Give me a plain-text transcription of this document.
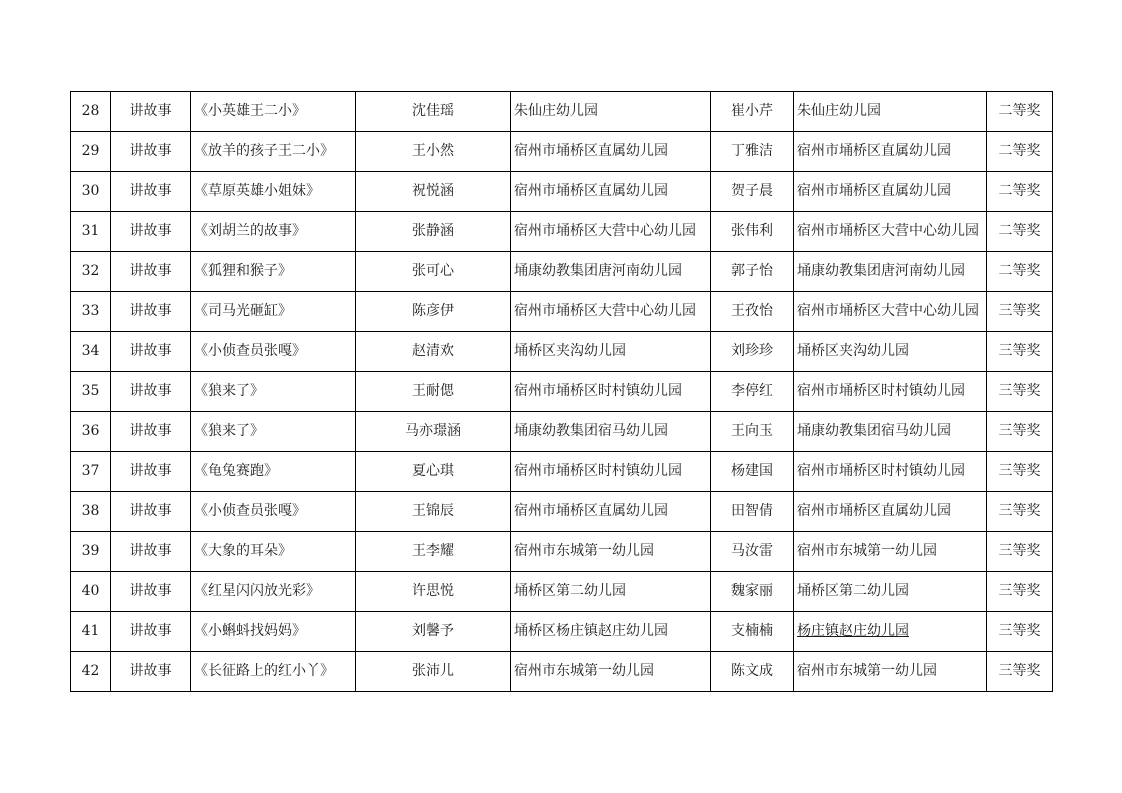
28	讲故事	《小英雄王二小》	沈佳瑶	朱仙庄幼儿园	崔小芹	朱仙庄幼儿园	二等奖
29	讲故事	《放羊的孩子王二小》	王小然	宿州市埇桥区直属幼儿园	丁雅洁	宿州市埇桥区直属幼儿园	二等奖
30	讲故事	《草原英雄小姐妹》	祝悦涵	宿州市埇桥区直属幼儿园	贺子晨	宿州市埇桥区直属幼儿园	二等奖
31	讲故事	《刘胡兰的故事》	张静涵	宿州市埇桥区大营中心幼儿园	张伟利	宿州市埇桥区大营中心幼儿园	二等奖
32	讲故事	《狐狸和猴子》	张可心	埇康幼教集团唐河南幼儿园	郭子怡	埇康幼教集团唐河南幼儿园	二等奖
33	讲故事	《司马光砸缸》	陈彦伊	宿州市埇桥区大营中心幼儿园	王孜怡	宿州市埇桥区大营中心幼儿园	三等奖
34	讲故事	《小侦查员张嘎》	赵清欢	埇桥区夹沟幼儿园	刘珍珍	埇桥区夹沟幼儿园	三等奖
35	讲故事	《狼来了》	王耐偲	宿州市埇桥区时村镇幼儿园	李停红	宿州市埇桥区时村镇幼儿园	三等奖
36	讲故事	《狼来了》	马亦璟涵	埇康幼教集团宿马幼儿园	王向玉	埇康幼教集团宿马幼儿园	三等奖
37	讲故事	《龟兔赛跑》	夏心琪	宿州市埇桥区时村镇幼儿园	杨建国	宿州市埇桥区时村镇幼儿园	三等奖
38	讲故事	《小侦查员张嘎》	王锦辰	宿州市埇桥区直属幼儿园	田智倩	宿州市埇桥区直属幼儿园	三等奖
39	讲故事	《大象的耳朵》	王李耀	宿州市东城第一幼儿园	马汝雷	宿州市东城第一幼儿园	三等奖
40	讲故事	《红星闪闪放光彩》	许思悦	埇桥区第二幼儿园	魏家丽	埇桥区第二幼儿园	三等奖
41	讲故事	《小蝌蚪找妈妈》	刘馨予	埇桥区杨庄镇赵庄幼儿园	支楠楠	杨庄镇赵庄幼儿园	三等奖
42	讲故事	《长征路上的红小丫》	张沛儿	宿州市东城第一幼儿园	陈文成	宿州市东城第一幼儿园	三等奖
